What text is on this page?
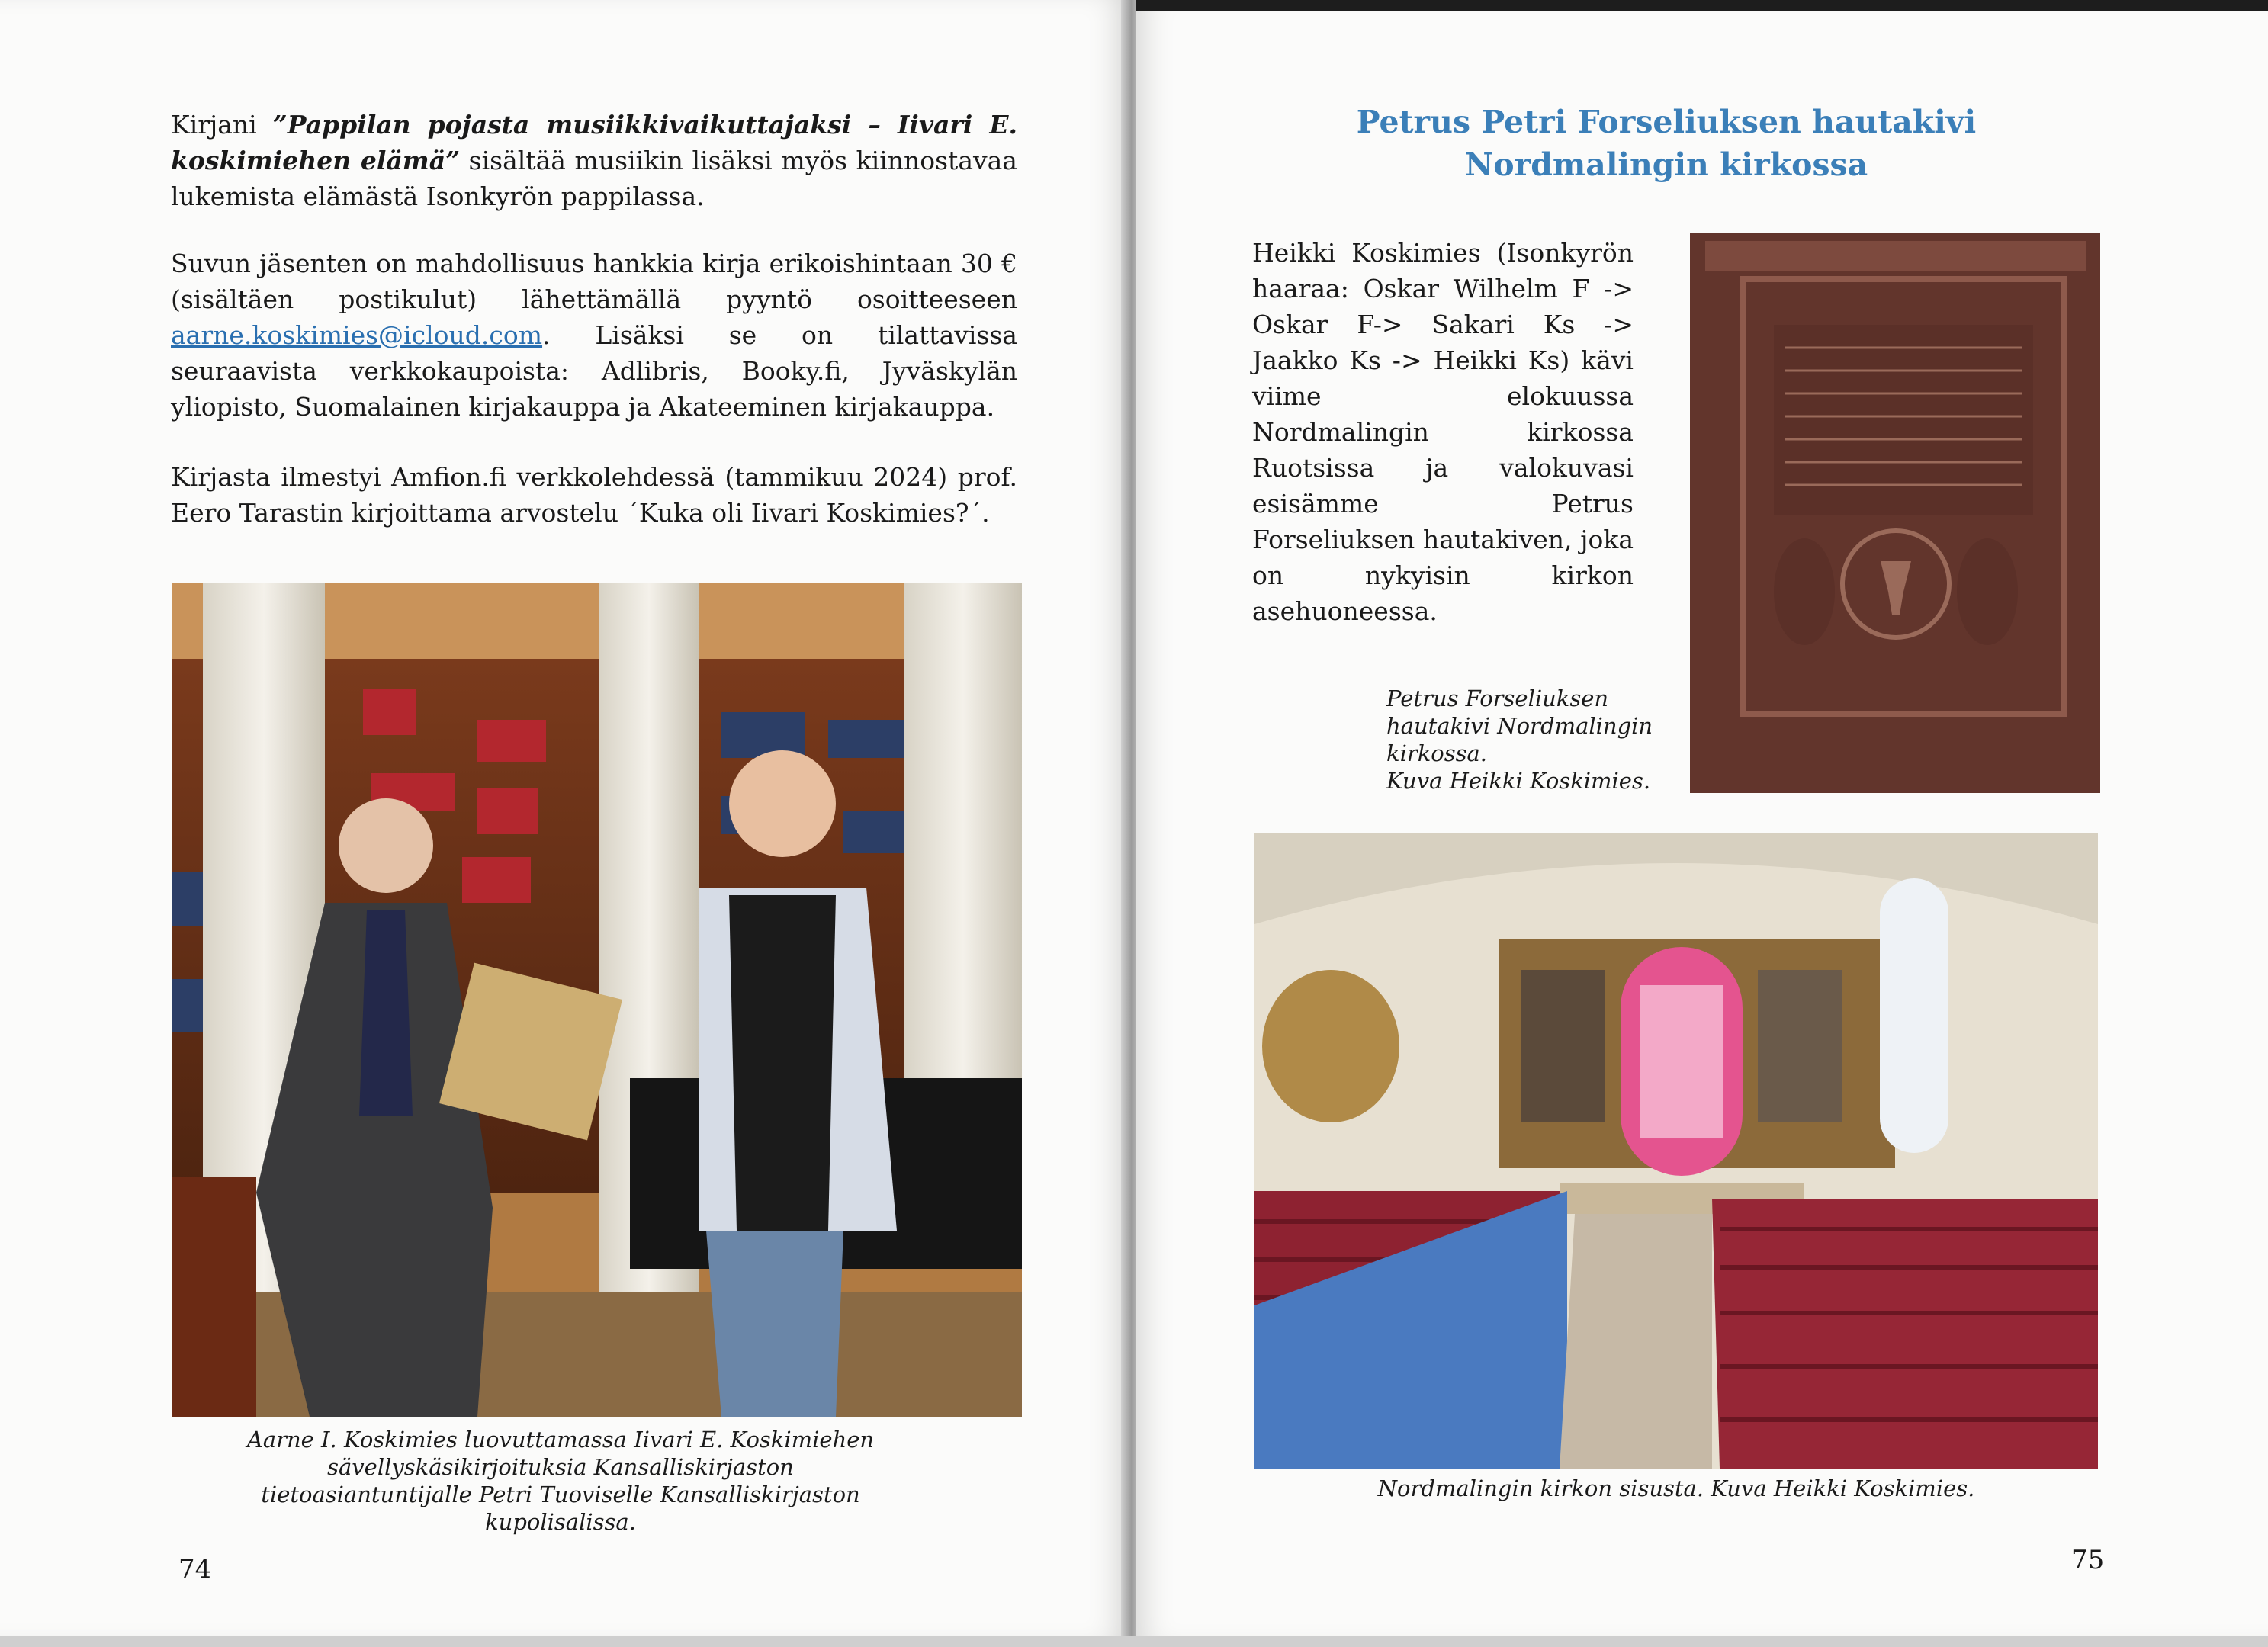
Kirjani ”Pappilan pojasta musiikkivaikuttajaksi – Iivari E. koskimiehen elämä” sisältää musiikin lisäksi myös kiinnostavaa lukemista elämästä Isonkyrön pappilassa.
Suvun jäsenten on mahdollisuus hankkia kirja erikoishintaan 30 € (sisältäen postikulut) lähettämällä pyyntö osoitteeseen aarne.koskimies@icloud.com. Lisäksi se on tilattavissa seuraavista verkkokaupoista: Adlibris, Booky.fi, Jyväskylän yliopisto, Suomalainen kirjakauppa ja Akateeminen kirjakauppa.
Kirjasta ilmestyi Amfion.fi verkkolehdessä (tammikuu 2024) prof. Eero Tarastin kirjoittama arvostelu ´Kuka oli Iivari Koskimies?´.
Aarne I. Koskimies luovuttamassa Iivari E. Koskimiehen sävellyskäsikirjoituksia Kansalliskirjaston tietoasiantuntijalle Petri Tuoviselle Kansalliskirjaston kupolisalissa.
74
Petrus Petri Forseliuksen hautakivi
Nordmalingin kirkossa
Heikki Koskimies (Isonkyrön haaraa: Oskar Wilhelm F -> Oskar F-> Sakari Ks -> Jaakko Ks -> Heikki Ks) kävi viime elokuussa Nordmalingin kirkossa Ruotsissa ja valokuvasi esisämme Petrus Forseliuksen hautakiven, joka on nykyisin kirkon asehuoneessa.
Petrus Forseliuksen
hautakivi Nordmalingin
kirkossa.
Kuva Heikki Koskimies.
Nordmalingin kirkon sisusta. Kuva Heikki Koskimies.
75
